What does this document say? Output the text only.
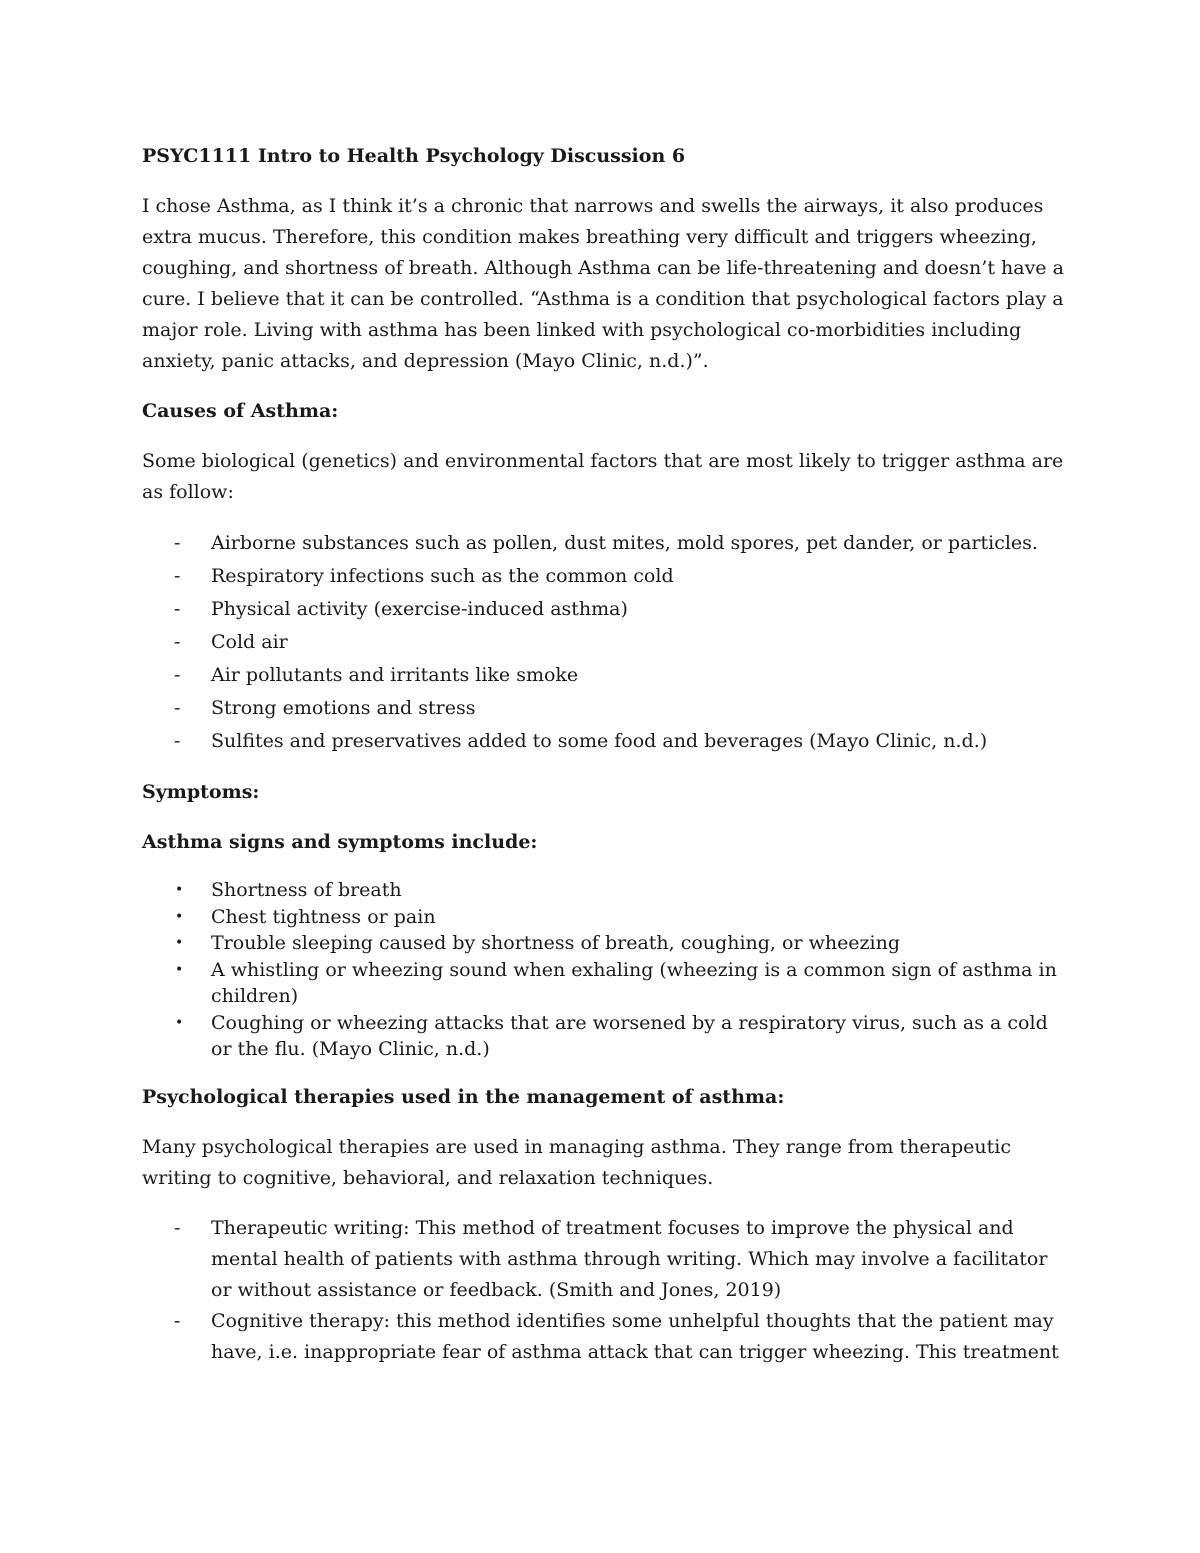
PSYC1111 Intro to Health Psychology Discussion 6

I chose Asthma, as I think it’s a chronic that narrows and swells the airways, it also produces extra mucus. Therefore, this condition makes breathing very difficult and triggers wheezing, coughing, and shortness of breath. Although Asthma can be life-threatening and doesn’t have a cure. I believe that it can be controlled. “Asthma is a condition that psychological factors play a major role. Living with asthma has been linked with psychological co-morbidities including anxiety, panic attacks, and depression (Mayo Clinic, n.d.)”.

Causes of Asthma:

Some biological (genetics) and environmental factors that are most likely to trigger asthma are as follow:

- Airborne substances such as pollen, dust mites, mold spores, pet dander, or particles.
- Respiratory infections such as the common cold
- Physical activity (exercise-induced asthma)
- Cold air
- Air pollutants and irritants like smoke
- Strong emotions and stress
- Sulfites and preservatives added to some food and beverages (Mayo Clinic, n.d.)

Symptoms:

Asthma signs and symptoms include:

• Shortness of breath
• Chest tightness or pain
• Trouble sleeping caused by shortness of breath, coughing, or wheezing
• A whistling or wheezing sound when exhaling (wheezing is a common sign of asthma in children)
• Coughing or wheezing attacks that are worsened by a respiratory virus, such as a cold or the flu. (Mayo Clinic, n.d.)

Psychological therapies used in the management of asthma:

Many psychological therapies are used in managing asthma. They range from therapeutic writing to cognitive, behavioral, and relaxation techniques.

- Therapeutic writing: This method of treatment focuses to improve the physical and mental health of patients with asthma through writing. Which may involve a facilitator or without assistance or feedback. (Smith and Jones, 2019)
- Cognitive therapy: this method identifies some unhelpful thoughts that the patient may have, i.e. inappropriate fear of asthma attack that can trigger wheezing. This treatment
